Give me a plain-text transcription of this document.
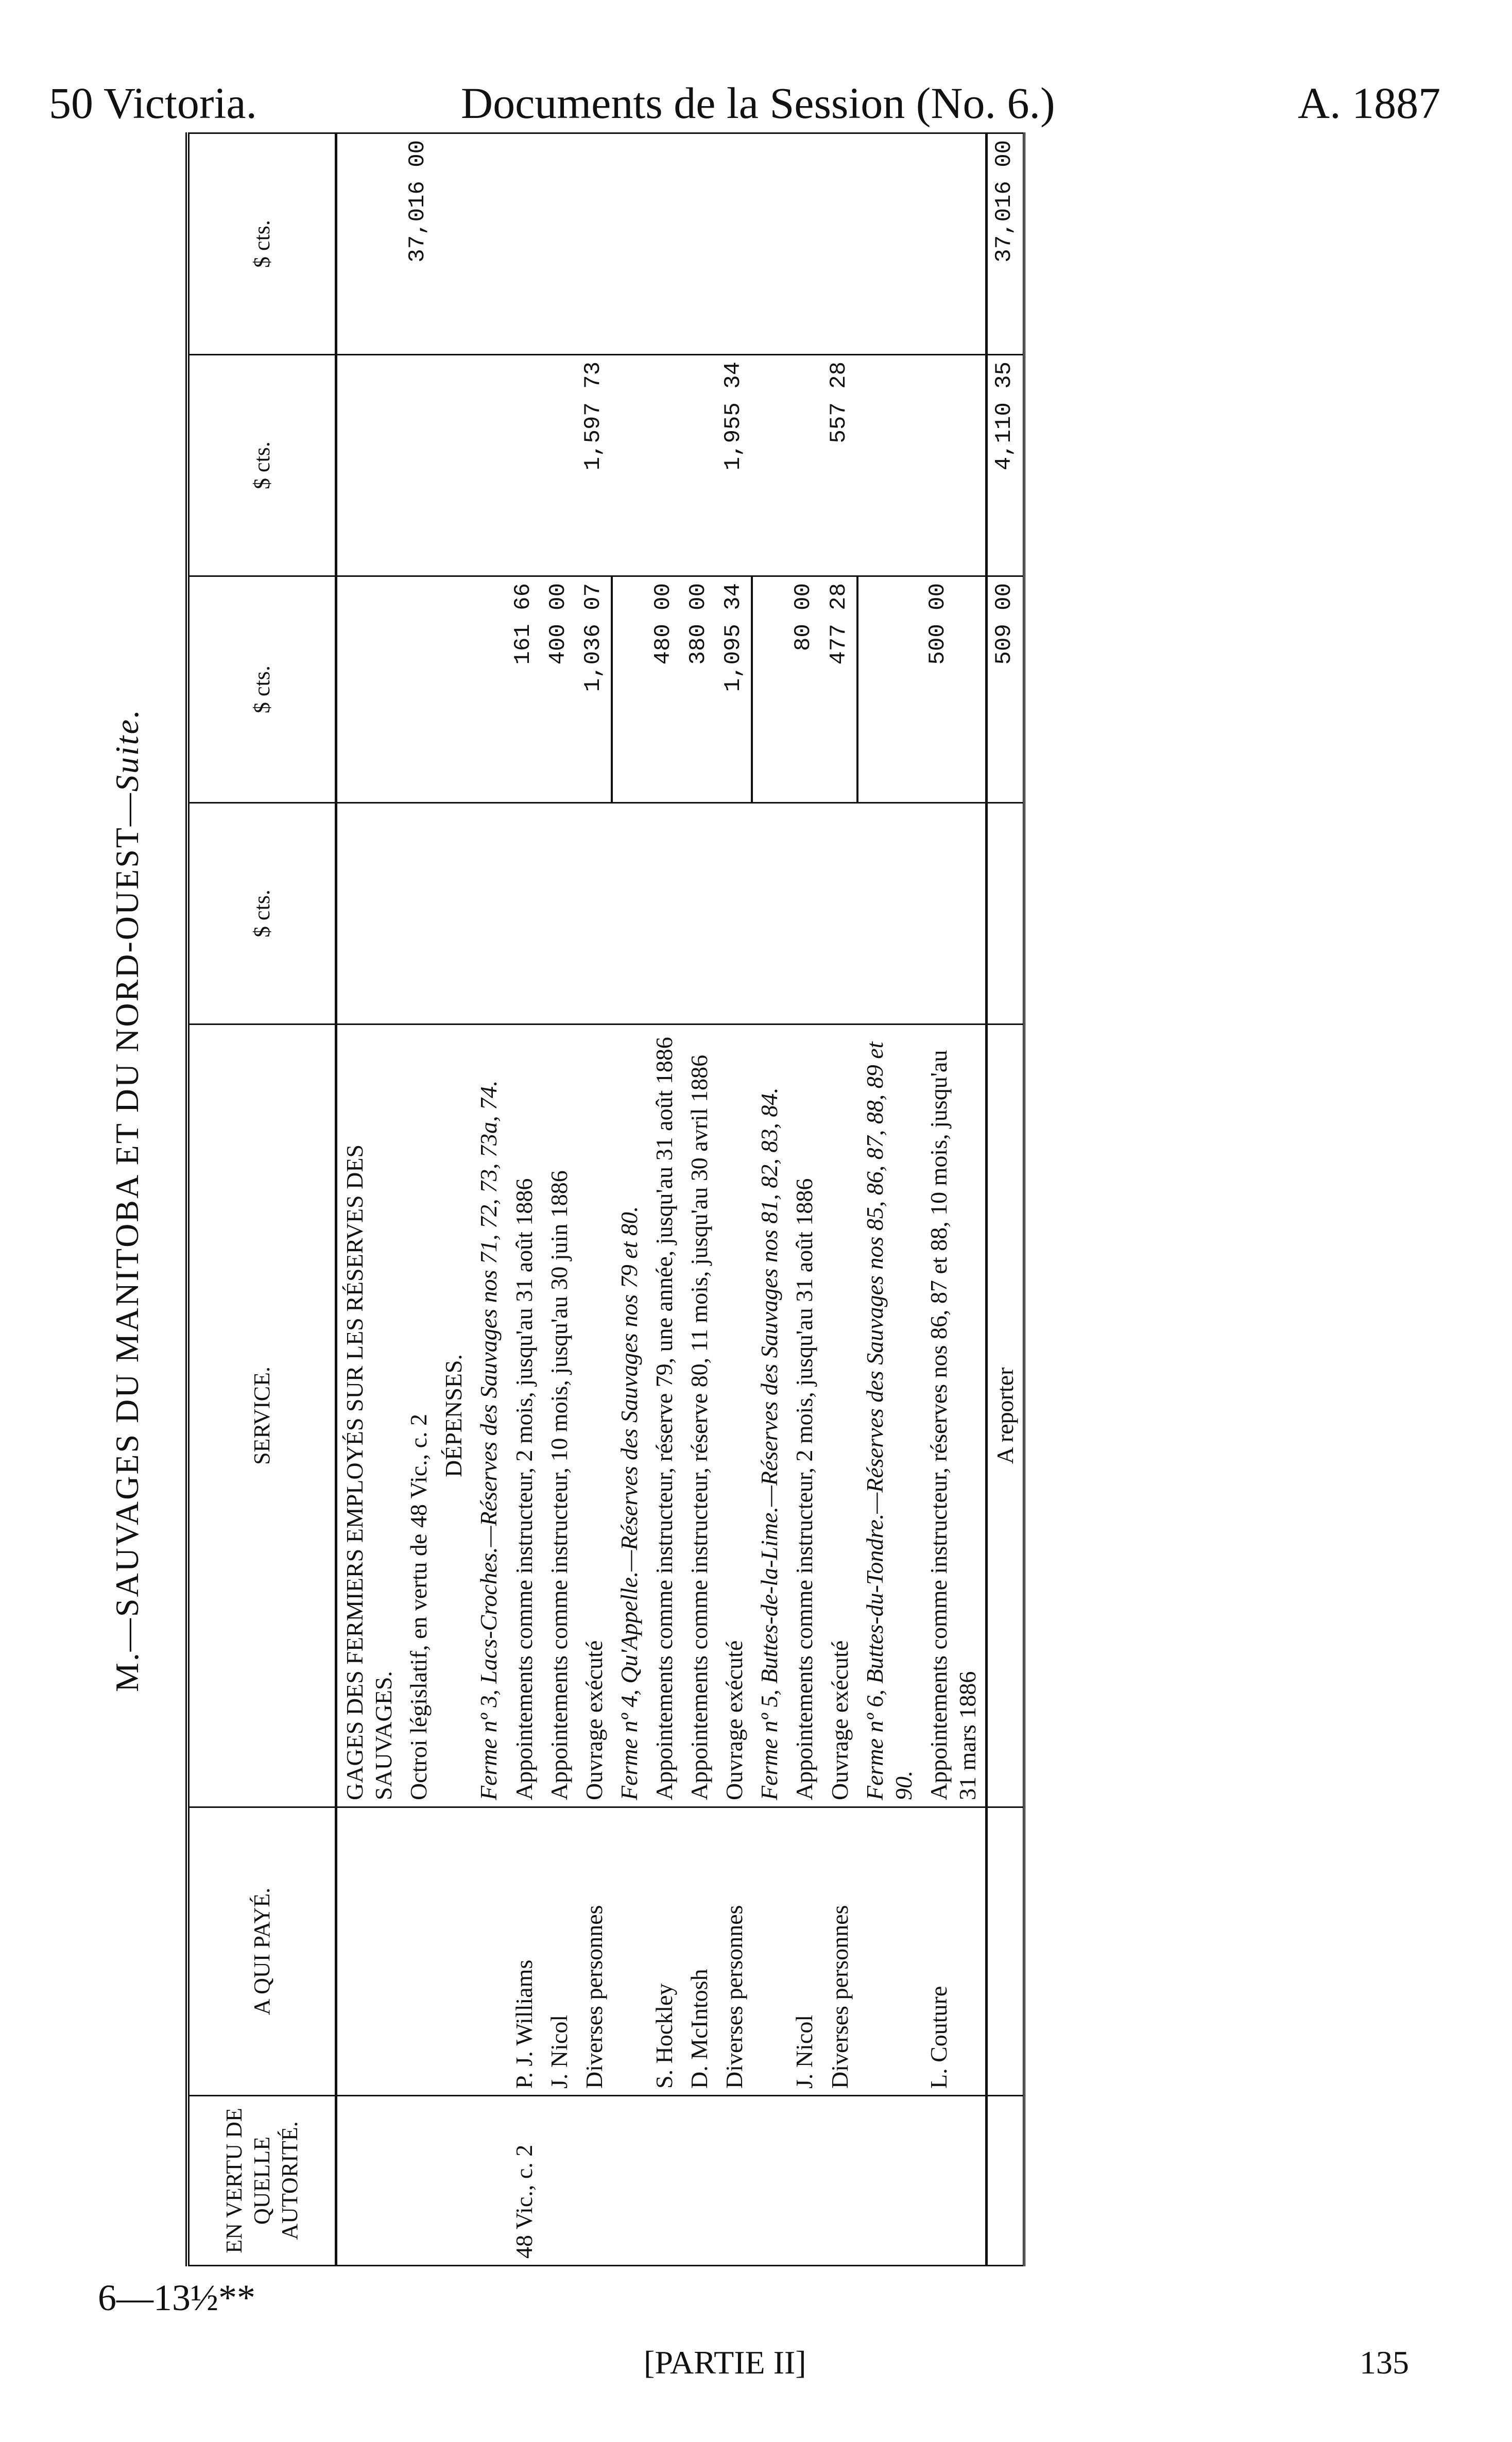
50 Victoria.	Documents de la Session (No. 6.)	A. 1887
6—13½**
[PARTIE II]	135
M.—SAUVAGES DU MANITOBA ET DU NORD-OUEST—Suite.
EN VERTU DE QUELLE AUTORITÉ.	A QUI PAYÉ.	SERVICE.	$ cts.	$ cts.	$ cts.	$ cts.
		GAGES DES FERMIERS EMPLOYÉS SUR LES RÉSERVES DES SAUVAGES.				
		Octroi législatif, en vertu de 48 Vic., c. 2				37,016 00
		DÉPENSES.				
		Ferme nº 3, Lacs-Croches.—Réserves des Sauvages nos 71, 72, 73, 73a, 74.				
48 Vic., c. 2	P. J. Williams	Appointements comme instructeur, 2 mois, jusqu'au 31 août 1886		161 66		
	J. Nicol	Appointements comme instructeur, 10 mois, jusqu'au 30 juin 1886		400 00		
	Diverses personnes	Ouvrage exécuté		1,036 07	1,597 73	
		Ferme nº 4, Qu'Appelle.—Réserves des Sauvages nos 79 et 80.				
	S. Hockley	Appointements comme instructeur, réserve 79, une année, jusqu'au 31 août 1886		480 00		
	D. McIntosh	Appointements comme instructeur, réserve 80, 11 mois, jusqu'au 30 avril 1886		380 00		
	Diverses personnes	Ouvrage exécuté		1,095 34	1,955 34	
		Ferme nº 5, Buttes-de-la-Lime.—Réserves des Sauvages nos 81, 82, 83, 84.				
	J. Nicol	Appointements comme instructeur, 2 mois, jusqu'au 31 août 1886		80 00		
	Diverses personnes	Ouvrage exécuté		477 28	557 28	
		Ferme nº 6, Buttes-du-Tondre.—Réserves des Sauvages nos 85, 86, 87, 88, 89 et 90.				
	L. Couture	Appointements comme instructeur, réserves nos 86, 87 et 88, 10 mois, jusqu'au 31 mars 1886		500 00		
		A reporter		509 00	4,110 35	37,016 00
